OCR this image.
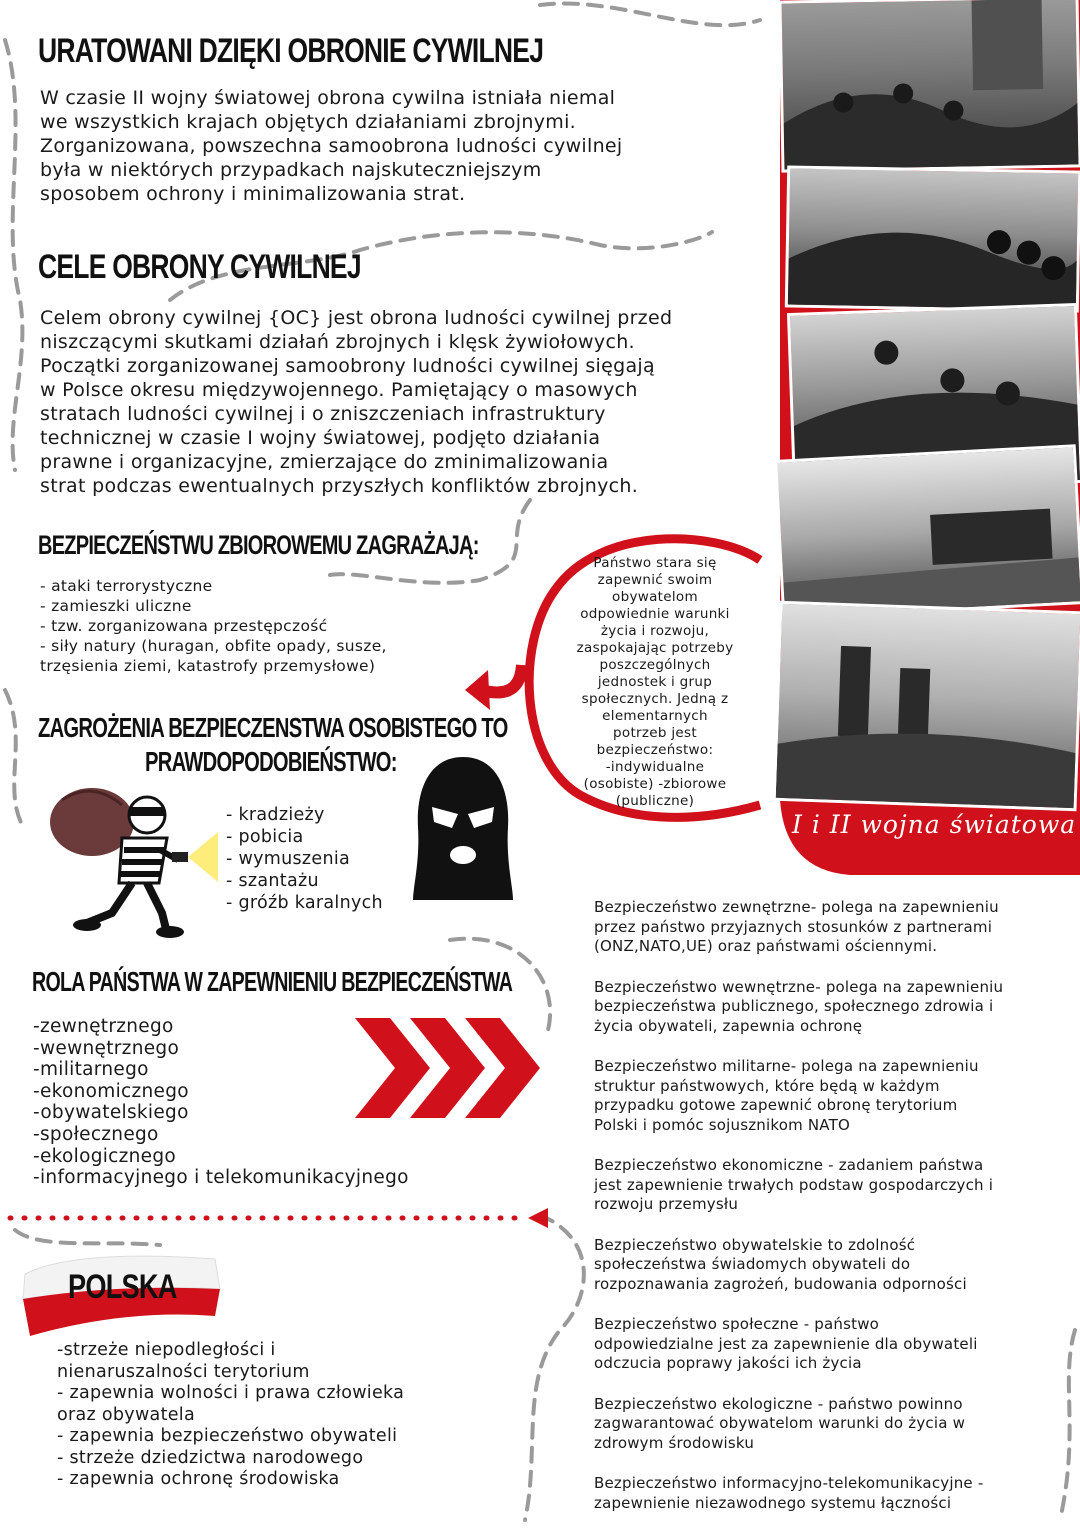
URATOWANI DZIĘKI OBRONIE CYWILNEJ
W czasie II wojny światowej obrona cywilna istniała niemal
we wszystkich krajach objętych działaniami zbrojnymi.
Zorganizowana, powszechna samoobrona ludności cywilnej
była w niektórych przypadkach najskuteczniejszym
sposobem ochrony i minimalizowania strat.
CELE OBRONY CYWILNEJ
Celem obrony cywilnej {OC} jest obrona ludności cywilnej przed
niszczącymi skutkami działań zbrojnych i klęsk żywiołowych.
Początki zorganizowanej samoobrony ludności cywilnej sięgają
w Polsce okresu międzywojennego. Pamiętający o masowych
stratach ludności cywilnej i o zniszczeniach infrastruktury
technicznej w czasie I wojny światowej, podjęto działania
prawne i organizacyjne, zmierzające do zminimalizowania
strat podczas ewentualnych przyszłych konfliktów zbrojnych.
BEZPIECZEŃSTWU ZBIOROWEMU ZAGRAŻAJĄ:
- ataki terrorystyczne
- zamieszki uliczne
- tzw. zorganizowana przestępczość
- siły natury (huragan, obfite opady, susze,
trzęsienia ziemi, katastrofy przemysłowe)
ZAGROŻENIA BEZPIECZENSTWA OSOBISTEGO TO
PRAWDOPODOBIEŃSTWO:
- kradzieży
- pobicia
- wymuszenia
- szantażu
- gróźb karalnych
ROLA PAŃSTWA W ZAPEWNIENIU BEZPIECZEŃSTWA
-zewnętrznego
-wewnętrznego
-militarnego
-ekonomicznego
-obywatelskiego
-społecznego
-ekologicznego
-informacyjnego i telekomunikacyjnego
POLSKA
-strzeże niepodległości i
nienaruszalności terytorium
- zapewnia wolności i prawa człowieka
oraz obywatela
- zapewnia bezpieczeństwo obywateli
- strzeże dziedzictwa narodowego
- zapewnia ochronę środowiska
I i II wojna światowa
Państwo stara się
zapewnić swoim
obywatelom
odpowiednie warunki
życia i rozwoju,
zaspokajając potrzeby
poszczególnych
jednostek i grup
społecznych. Jedną z
elementarnych
potrzeb jest
bezpieczeństwo:
-indywidualne
(osobiste) -zbiorowe
(publiczne)

Bezpieczeństwo zewnętrzne- polega na zapewnieniu
przez państwo przyjaznych stosunków z partnerami
(ONZ,NATO,UE) oraz państwami ościennymi.

Bezpieczeństwo wewnętrzne- polega na zapewnieniu
bezpieczeństwa publicznego, społecznego zdrowia i
życia obywateli, zapewnia ochronę

Bezpieczeństwo militarne- polega na zapewnieniu
struktur państwowych, które będą w każdym
przypadku gotowe zapewnić obronę terytorium
Polski i pomóc sojusznikom NATO

Bezpieczeństwo ekonomiczne - zadaniem państwa
jest zapewnienie trwałych podstaw gospodarczych i
rozwoju przemysłu

Bezpieczeństwo obywatelskie to zdolność
społeczeństwa świadomych obywateli do
rozpoznawania zagrożeń, budowania odporności

Bezpieczeństwo społeczne - państwo
odpowiedzialne jest za zapewnienie dla obywateli
odczucia poprawy jakości ich życia

Bezpieczeństwo ekologiczne - państwo powinno
zagwarantować obywatelom warunki do życia w
zdrowym środowisku

Bezpieczeństwo informacyjno-telekomunikacyjne -
zapewnienie niezawodnego systemu łączności
